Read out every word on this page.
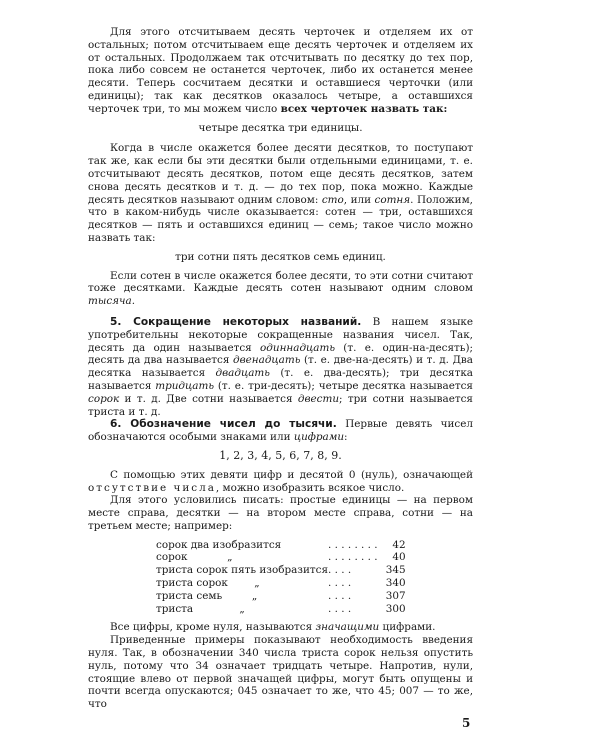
Для этого отсчитываем десять черточек и отделяем их от остальных; потом отсчитываем еще десять черточек и отделяем их от остальных. Продолжаем так отсчитывать по десятку до тех пор, пока либо совсем не останется черточек, либо их останется менее десяти. Теперь сосчитаем десятки и оставшиеся черточки (или единицы); так как десятков оказалось четыре, а оставшихся черточек три, то мы можем число всех черточек назвать так:

четыре десятка три единицы.

Когда в числе окажется более десяти десятков, то поступают так же, как если бы эти десятки были отдельными единицами, т. е. отсчитывают десять десятков, потом еще десять десятков, затем снова десять десятков и т. д. — до тех пор, пока можно. Каждые десять десятков называют одним словом: сто, или сотня. Положим, что в каком-нибудь числе оказывается: сотен — три, оставшихся десятков — пять и оставшихся единиц — семь; такое число можно назвать так:

три сотни пять десятков семь единиц.

Если сотен в числе окажется более десяти, то эти сотни считают тоже десятками. Каждые десять сотен называют одним словом тысяча.

5. Сокращение некоторых названий. В нашем языке употребительны некоторые сокращенные названия чисел. Так, десять да один называется одиннадцать (т. е. один-на-десять); десять да два называется двенадцать (т. е. две-на-десять) и т. д. Два десятка называется двадцать (т. е. два-десять); три десятка называется тридцать (т. е. три-десять); четыре десятка называется сорок и т. д. Две сотни называется двести; три сотни называется триста и т. д.

6. Обозначение чисел до тысячи. Первые девять чисел обозначаются особыми знаками или цифрами:

1, 2, 3, 4, 5, 6, 7, 8, 9.

С помощью этих девяти цифр и десятой 0 (нуль), означающей отсутствие числа, можно изобразить всякое число.

Для этого условились писать: простые единицы — на первом месте справа, десятки — на втором месте справа, сотни — на третьем месте; например:

сорок два изобразится	. . . . . . . .	42
сорок            „	. . . . . . . .	40
триста сорок пять изобразится	. . . .	345
триста сорок        „	. . . .	340
триста семь         „	. . . .	307
триста              „	. . . .	300

Все цифры, кроме нуля, называются значащими цифрами.

Приведенные примеры показывают необходимость введения нуля. Так, в обозначении 340 числа триста сорок нельзя опустить нуль, потому что 34 означает тридцать четыре. Напротив, нули, стоящие влево от первой значащей цифры, могут быть опущены и почти всегда опускаются; 045 означает то же, что 45; 007 — то же, что

5
